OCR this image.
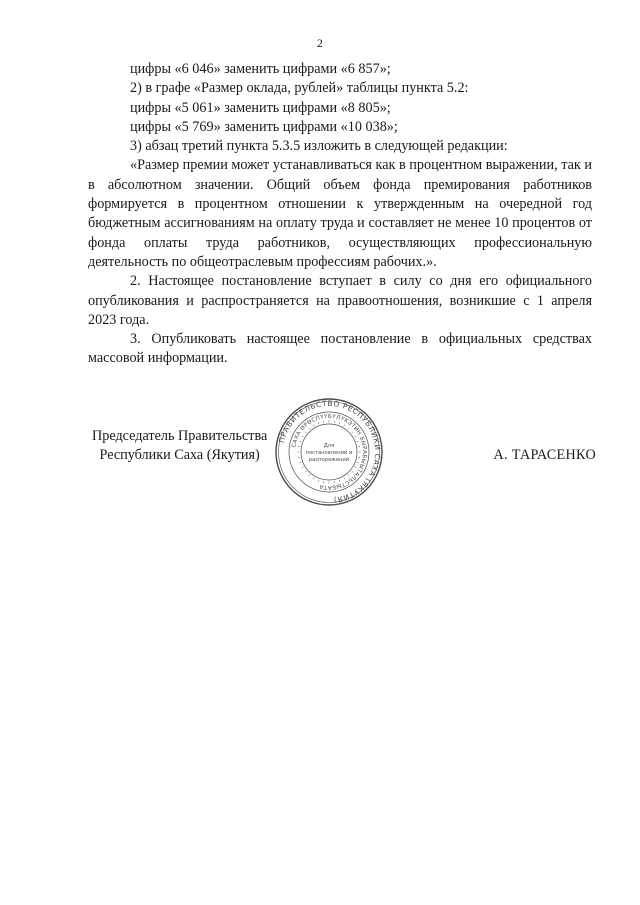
2

цифры «6 046» заменить цифрами «6 857»;

2) в графе «Размер оклада, рублей» таблицы пункта 5.2:

цифры «5 061» заменить цифрами «8 805»;

цифры «5 769» заменить цифрами «10 038»;

3) абзац третий пункта 5.3.5 изложить в следующей редакции:

«Размер премии может устанавливаться как в процентном выражении, так и в абсолютном значении. Общий объем фонда премирования работников формируется в процентном отношении к утвержденным на очередной год бюджетным ассигнованиям на оплату труда и составляет не менее 10 процентов от фонда оплаты труда работников, осуществляющих профессиональную деятельность по общеотраслевым профессиям рабочих.».

2. Настоящее постановление вступает в силу со дня его официального опубликования и распространяется на правоотношения, возникшие с 1 апреля 2023 года.

3. Опубликовать настоящее постановление в официальных средствах массовой информации.

Председатель Правительства
Республики Саха (Якутия)
ПРАВИТЕЛЬСТВО РЕСПУБЛИКИ САХА (ЯКУТИЯ)
САХА ӨРӨСПҮҮБҮЛҮКЭТИН БЫРАБЫЫТАЛЬСТЫБАТА
Для
постановлений и
распоряжений	А. ТАРАСЕНКО
